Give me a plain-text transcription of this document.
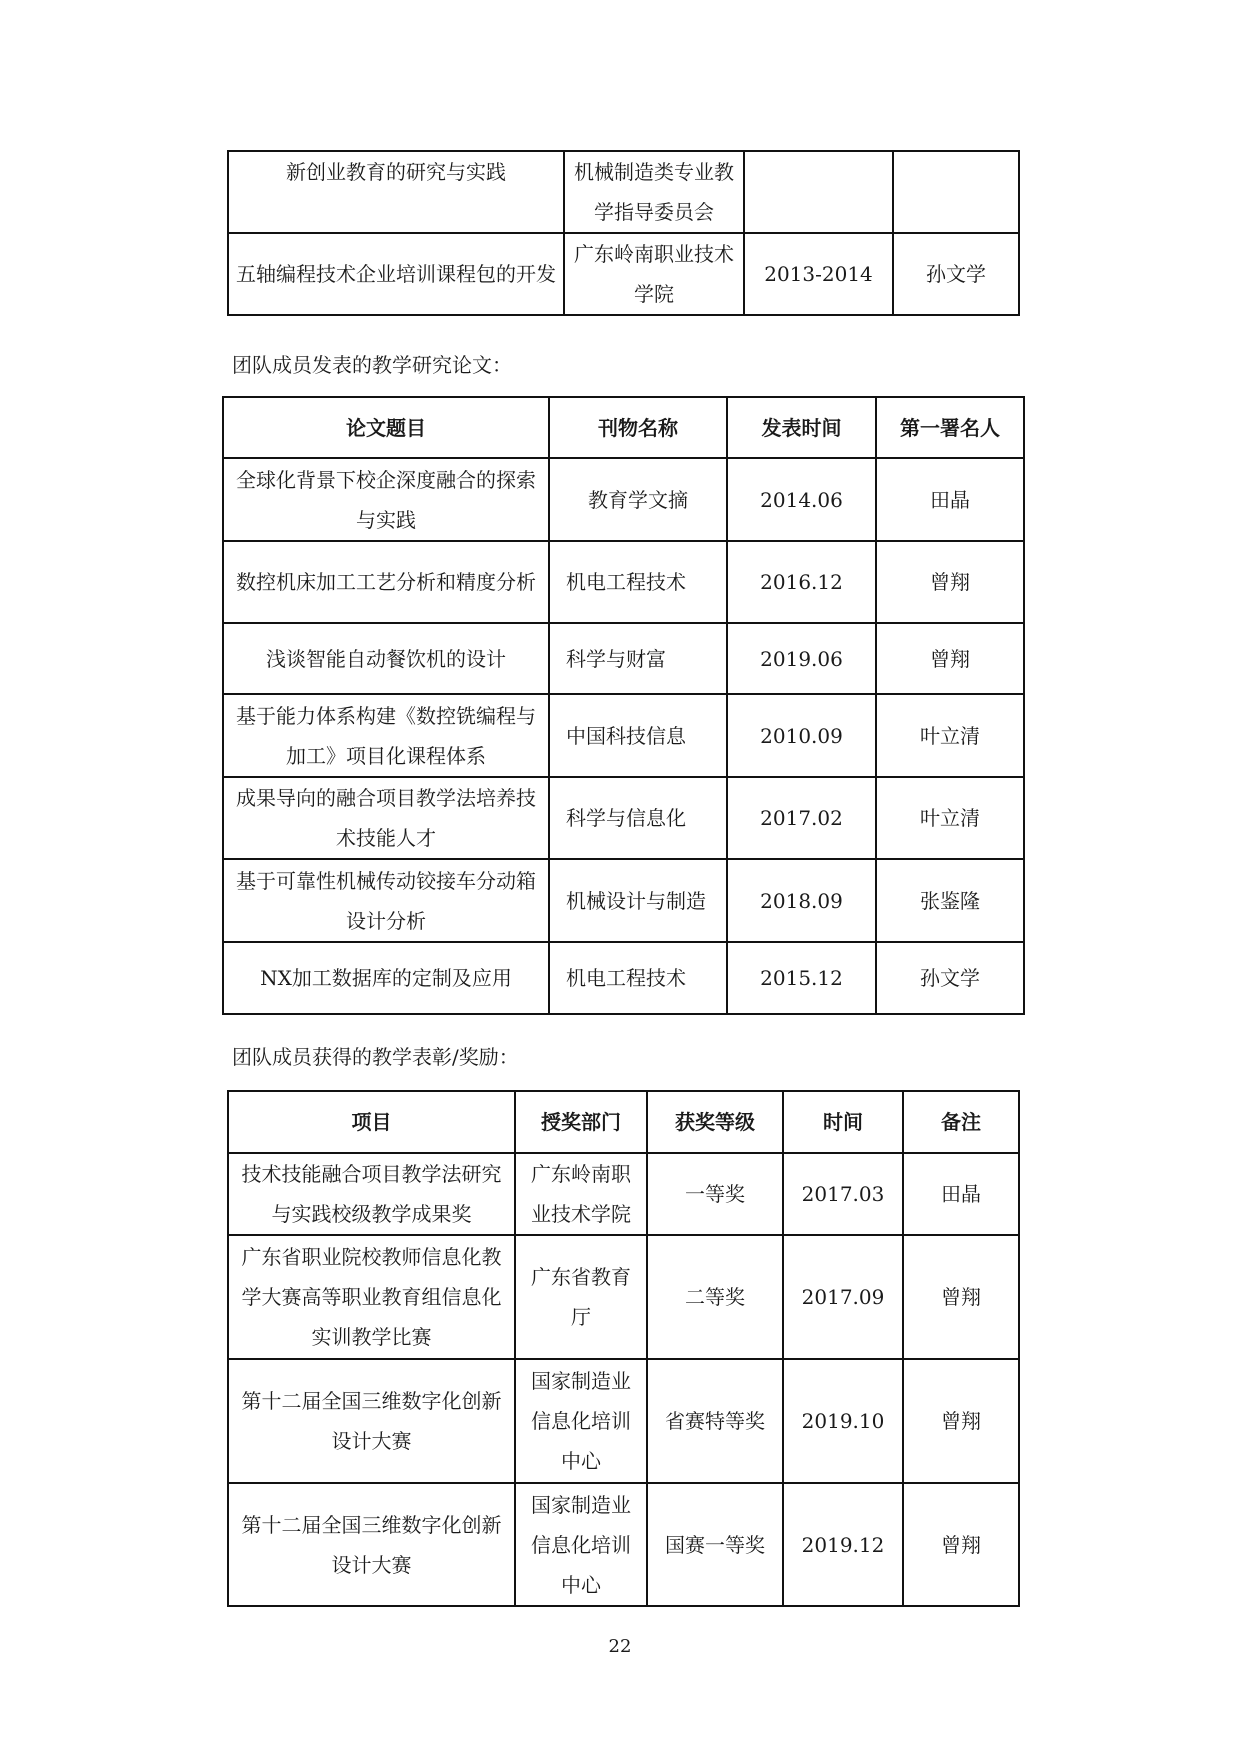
新创业教育的研究与实践	机械制造类专业教学指导委员会		
五轴编程技术企业培训课程包的开发	广东岭南职业技术学院	2013-2014	孙文学
团队成员发表的教学研究论文：
论文题目	刊物名称	发表时间	第一署名人
全球化背景下校企深度融合的探索与实践	教育学文摘	2014.06	田晶
数控机床加工工艺分析和精度分析	机电工程技术	2016.12	曾翔
浅谈智能自动餐饮机的设计	科学与财富	2019.06	曾翔
基于能力体系构建《数控铣编程与加工》项目化课程体系	中国科技信息	2010.09	叶立清
成果导向的融合项目教学法培养技术技能人才	科学与信息化	2017.02	叶立清
基于可靠性机械传动铰接车分动箱设计分析	机械设计与制造	2018.09	张鉴隆
NX加工数据库的定制及应用	机电工程技术	2015.12	孙文学
团队成员获得的教学表彰/奖励：
项目	授奖部门	获奖等级	时间	备注
技术技能融合项目教学法研究与实践校级教学成果奖	广东岭南职业技术学院	一等奖	2017.03	田晶
广东省职业院校教师信息化教学大赛高等职业教育组信息化实训教学比赛	广东省教育厅	二等奖	2017.09	曾翔
第十二届全国三维数字化创新设计大赛	国家制造业信息化培训中心	省赛特等奖	2019.10	曾翔
第十二届全国三维数字化创新设计大赛	国家制造业信息化培训中心	国赛一等奖	2019.12	曾翔
22
